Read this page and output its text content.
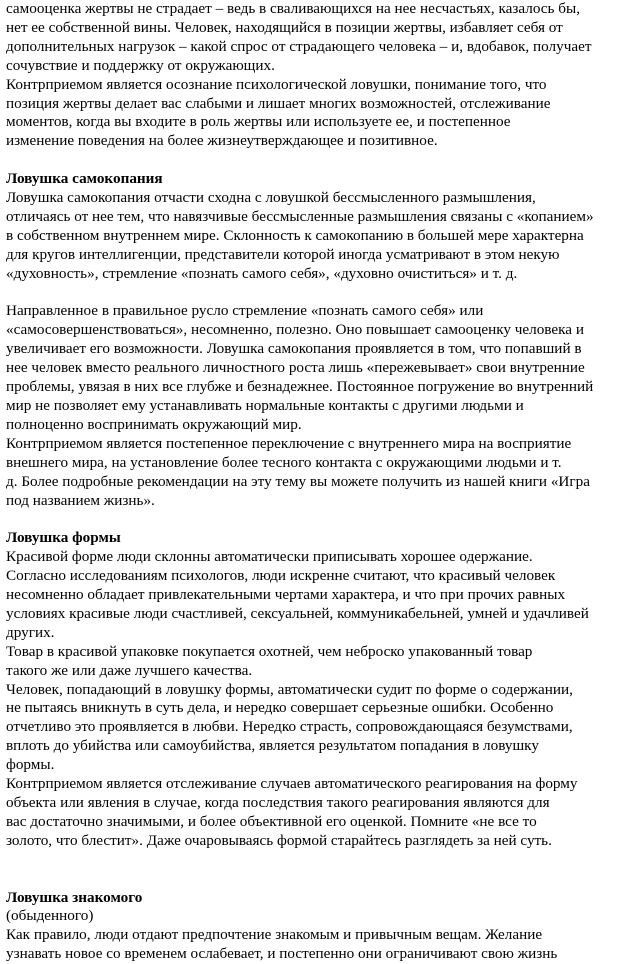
самооценка жертвы не страдает – ведь в сваливающихся на нее несчастьях, казалось бы,
нет ее собственной вины. Человек, находящийся в позиции жертвы, избавляет себя от
дополнительных нагрузок – какой спрос от страдающего человека – и, вдобавок, получает
сочувствие и поддержку от окружающих.
Контрприемом является осознание психологической ловушки, понимание того, что
позиция жертвы делает вас слабыми и лишает многих возможностей, отслеживание
моментов, когда вы входите в роль жертвы или используете ее, и постепенное
изменение поведения на более жизнеутверждающее и позитивное.
Ловушка самокопания
Ловушка самокопания отчасти сходна с ловушкой бессмысленного размышления,
отличаясь от нее тем, что навязчивые бессмысленные размышления связаны с «копанием»
в собственном внутреннем мире. Склонность к самокопанию в большей мере характерна
для кругов интеллигенции, представители которой иногда усматривают в этом некую
«духовность», стремление «познать самого себя», «духовно очиститься» и т. д.
Направленное в правильное русло стремление «познать самого себя» или
«самосовершенствоваться», несомненно, полезно. Оно повышает самооценку человека и
увеличивает его возможности. Ловушка самокопания проявляется в том, что попавший в
нее человек вместо реального личностного роста лишь «пережевывает» свои внутренние
проблемы, увязая в них все глубже и безнадежнее. Постоянное погружение во внутренний
мир не позволяет ему устанавливать нормальные контакты с другими людьми и
полноценно воспринимать окружающий мир.
Контрприемом является постепенное переключение с внутреннего мира на восприятие
внешнего мира, на установление более тесного контакта с окружающими людьми и т.
д. Более подробные рекомендации на эту тему вы можете получить из нашей книги «Игра
под названием жизнь».
Ловушка формы
Красивой форме люди склонны автоматически приписывать хорошее одержание.
Согласно исследованиям психологов, люди искренне считают, что красивый человек
несомненно обладает привлекательными чертами характера, и что при прочих равных
условиях красивые люди счастливей, сексуальней, коммуникабельней, умней и удачливей
других.
Товар в красивой упаковке покупается охотней, чем неброско упакованный товар
такого же или даже лучшего качества.
Человек, попадающий в ловушку формы, автоматически судит по форме о содержании,
не пытаясь вникнуть в суть дела, и нередко совершает серьезные ошибки. Особенно
отчетливо это проявляется в любви. Нередко страсть, сопровождающаяся безумствами,
вплоть до убийства или самоубийства, является результатом попадания в ловушку
формы.
Контрприемом является отслеживание случаев автоматического реагирования на форму
объекта или явления в случае, когда последствия такого реагирования являются для
вас достаточно значимыми, и более объективной его оценкой. Помните «не все то
золото, что блестит». Даже очаровываясь формой старайтесь разглядеть за ней суть.
Ловушка знакомого
(обыденного)
Как правило, люди отдают предпочтение знакомым и привычным вещам. Желание
узнавать новое со временем ослабевает, и постепенно они ограничивают свою жизнь
